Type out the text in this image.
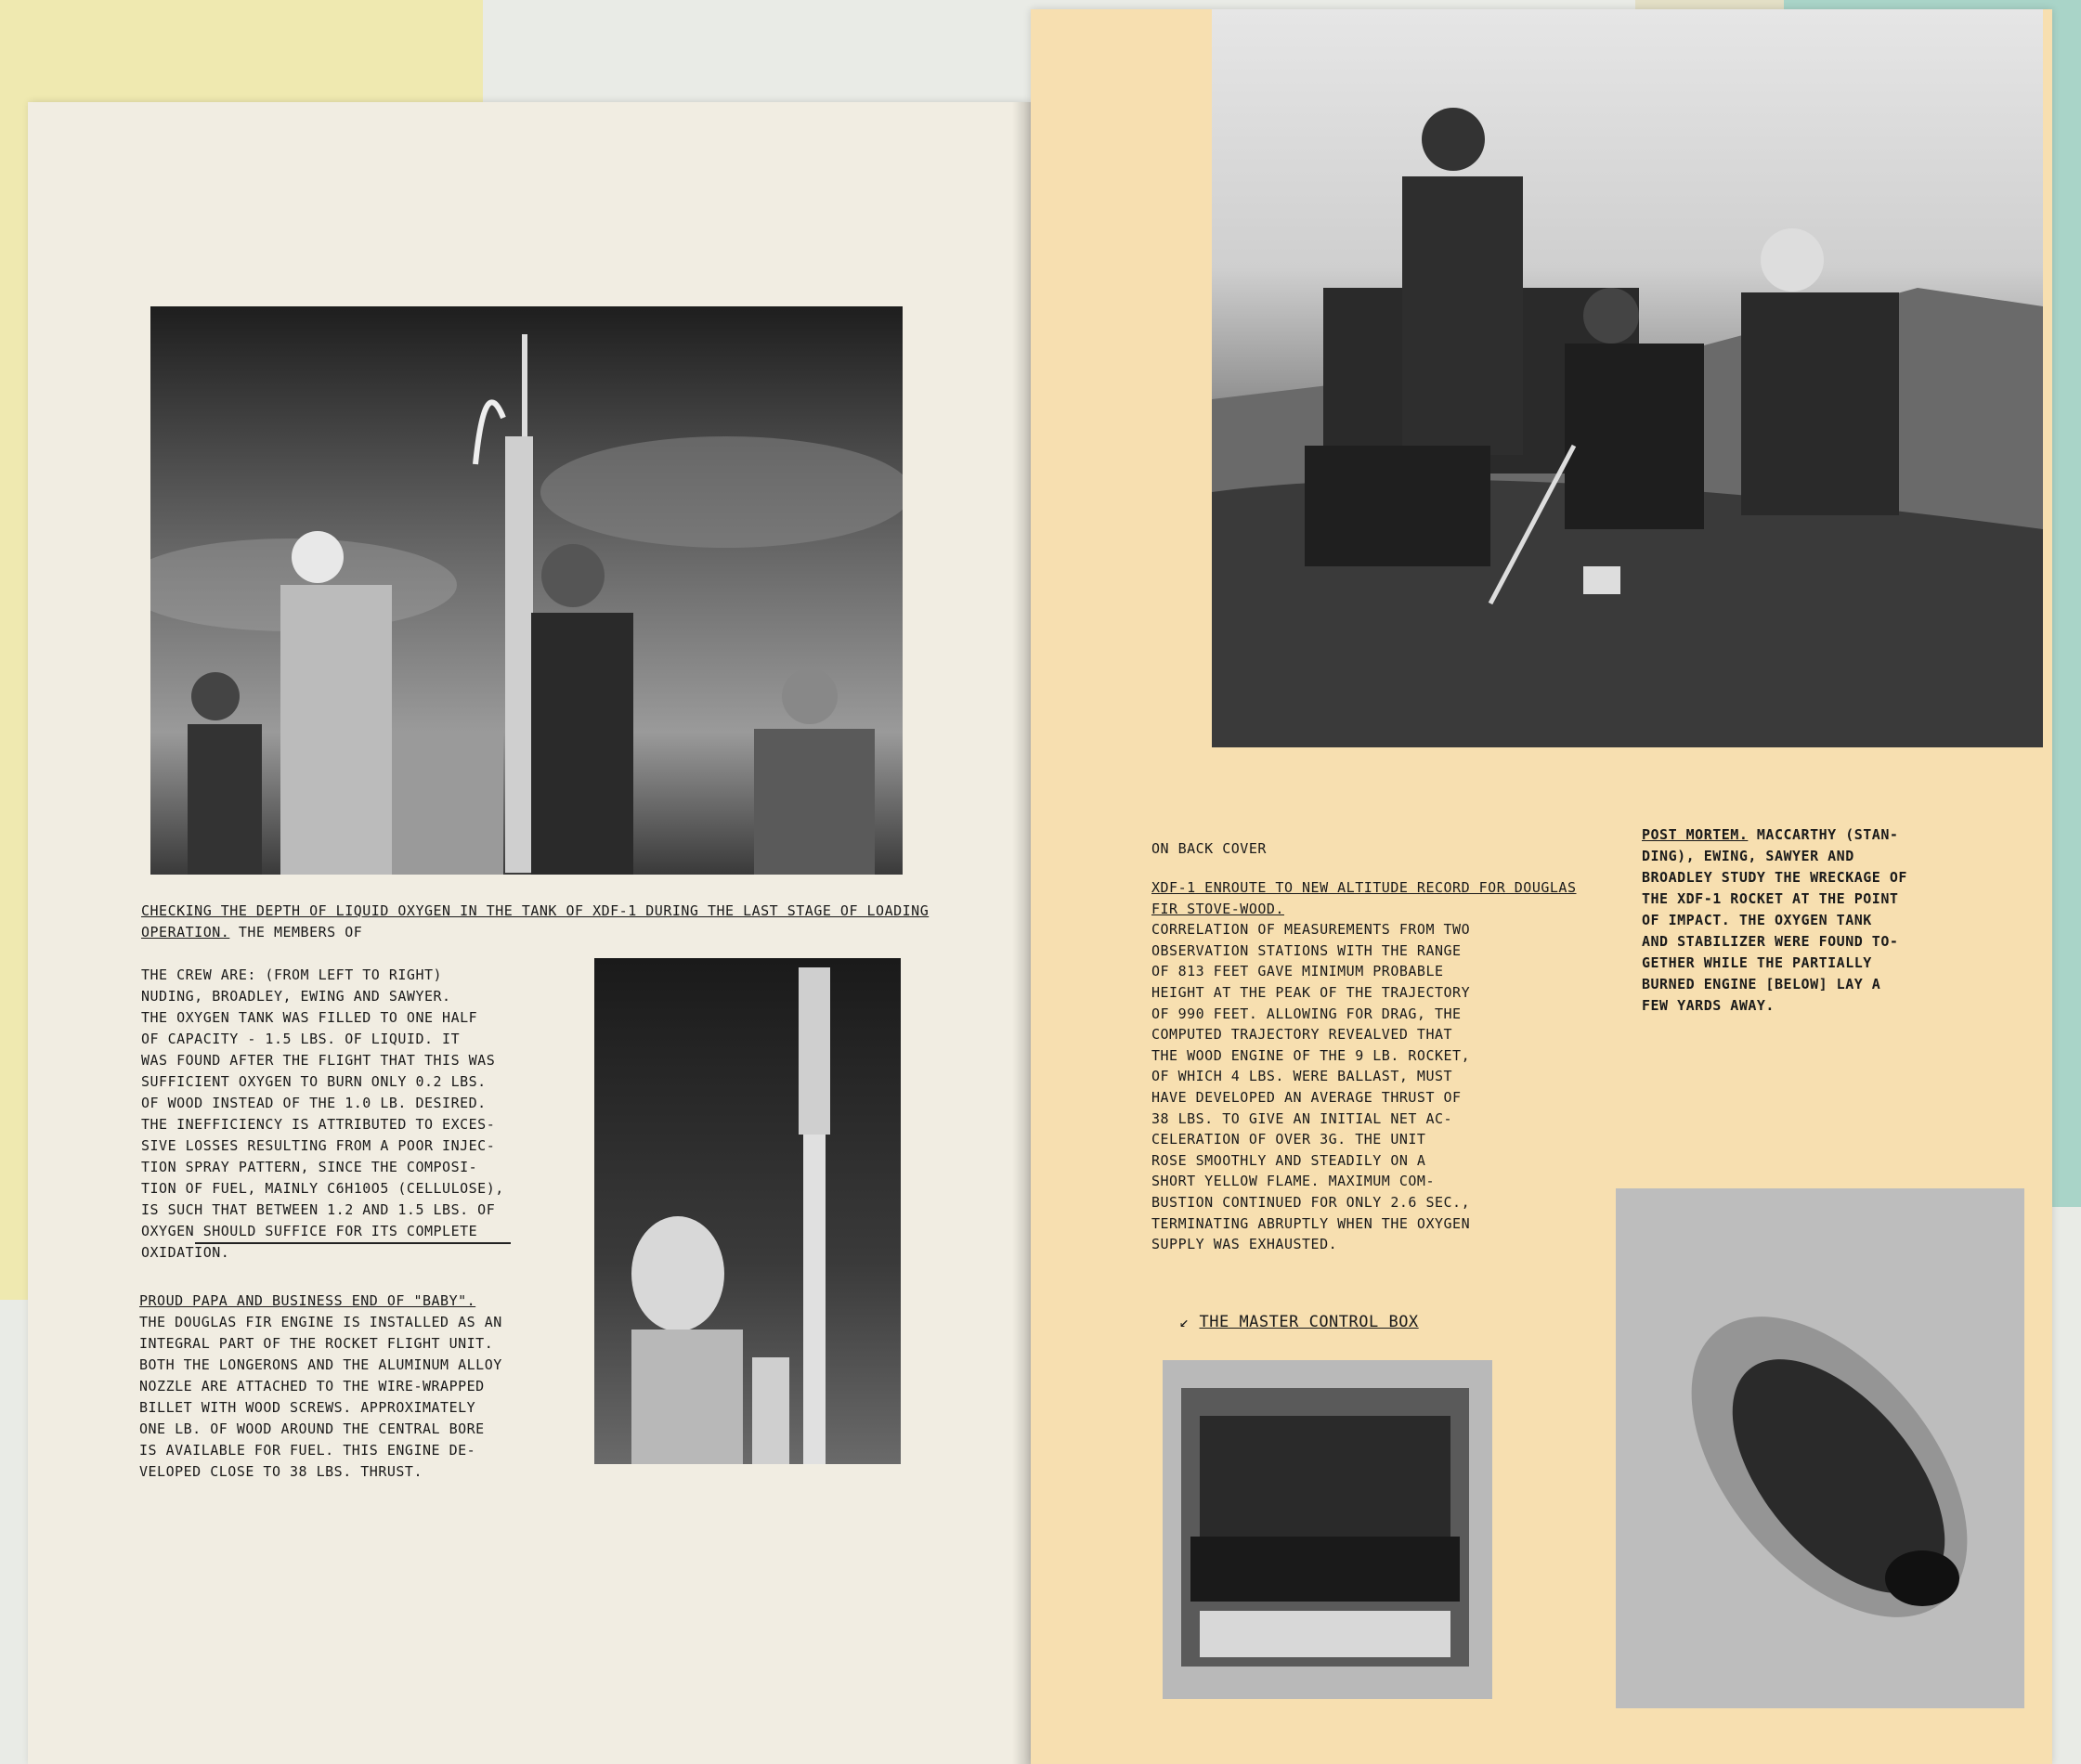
CHECKING THE DEPTH OF LIQUID OXYGEN IN THE TANK OF XDF-1 DURING THE LAST STAGE OF LOADING OPERATION. THE MEMBERS OF
THE CREW ARE: (FROM LEFT TO RIGHT)
NUDING, BROADLEY, EWING AND SAWYER.
THE OXYGEN TANK WAS FILLED TO ONE HALF
OF CAPACITY - 1.5 LBS. OF LIQUID. IT
WAS FOUND AFTER THE FLIGHT THAT THIS WAS
SUFFICIENT OXYGEN TO BURN ONLY 0.2 LBS.
OF WOOD INSTEAD OF THE 1.0 LB. DESIRED.
THE INEFFICIENCY IS ATTRIBUTED TO EXCES-
SIVE LOSSES RESULTING FROM A POOR INJEC-
TION SPRAY PATTERN, SINCE THE COMPOSI-
TION OF FUEL, MAINLY C6H10O5 (CELLULOSE),
IS SUCH THAT BETWEEN 1.2 AND 1.5 LBS. OF
OXYGEN SHOULD SUFFICE FOR ITS COMPLETE
OXIDATION.
PROUD PAPA AND BUSINESS END OF "BABY".
THE DOUGLAS FIR ENGINE IS INSTALLED AS AN
INTEGRAL PART OF THE ROCKET FLIGHT UNIT.
BOTH THE LONGERONS AND THE ALUMINUM ALLOY
NOZZLE ARE ATTACHED TO THE WIRE-WRAPPED
BILLET WITH WOOD SCREWS. APPROXIMATELY
ONE LB. OF WOOD AROUND THE CENTRAL BORE
IS AVAILABLE FOR FUEL. THIS ENGINE DE-
VELOPED CLOSE TO 38 LBS. THRUST.
ON BACK COVER
XDF-1 ENROUTE TO NEW ALTITUDE RECORD FOR DOUGLAS FIR STOVE-WOOD.
CORRELATION OF MEASUREMENTS FROM TWO
OBSERVATION STATIONS WITH THE RANGE
OF 813 FEET GAVE MINIMUM PROBABLE
HEIGHT AT THE PEAK OF THE TRAJECTORY
OF 990 FEET. ALLOWING FOR DRAG, THE
COMPUTED TRAJECTORY REVEALVED THAT
THE WOOD ENGINE OF THE 9 LB. ROCKET,
OF WHICH 4 LBS. WERE BALLAST, MUST
HAVE DEVELOPED AN AVERAGE THRUST OF
38 LBS. TO GIVE AN INITIAL NET AC-
CELERATION OF OVER 3G. THE UNIT
ROSE SMOOTHLY AND STEADILY ON A
SHORT YELLOW FLAME. MAXIMUM COM-
BUSTION CONTINUED FOR ONLY 2.6 SEC.,
TERMINATING ABRUPTLY WHEN THE OXYGEN
SUPPLY WAS EXHAUSTED.
POST MORTEM. MACCARTHY (STAN-
DING), EWING, SAWYER AND
BROADLEY STUDY THE WRECKAGE OF
THE XDF-1 ROCKET AT THE POINT
OF IMPACT. THE OXYGEN TANK
AND STABILIZER WERE FOUND TO-
GETHER WHILE THE PARTIALLY
BURNED ENGINE [BELOW] LAY A
FEW YARDS AWAY.
↙ THE MASTER CONTROL BOX
